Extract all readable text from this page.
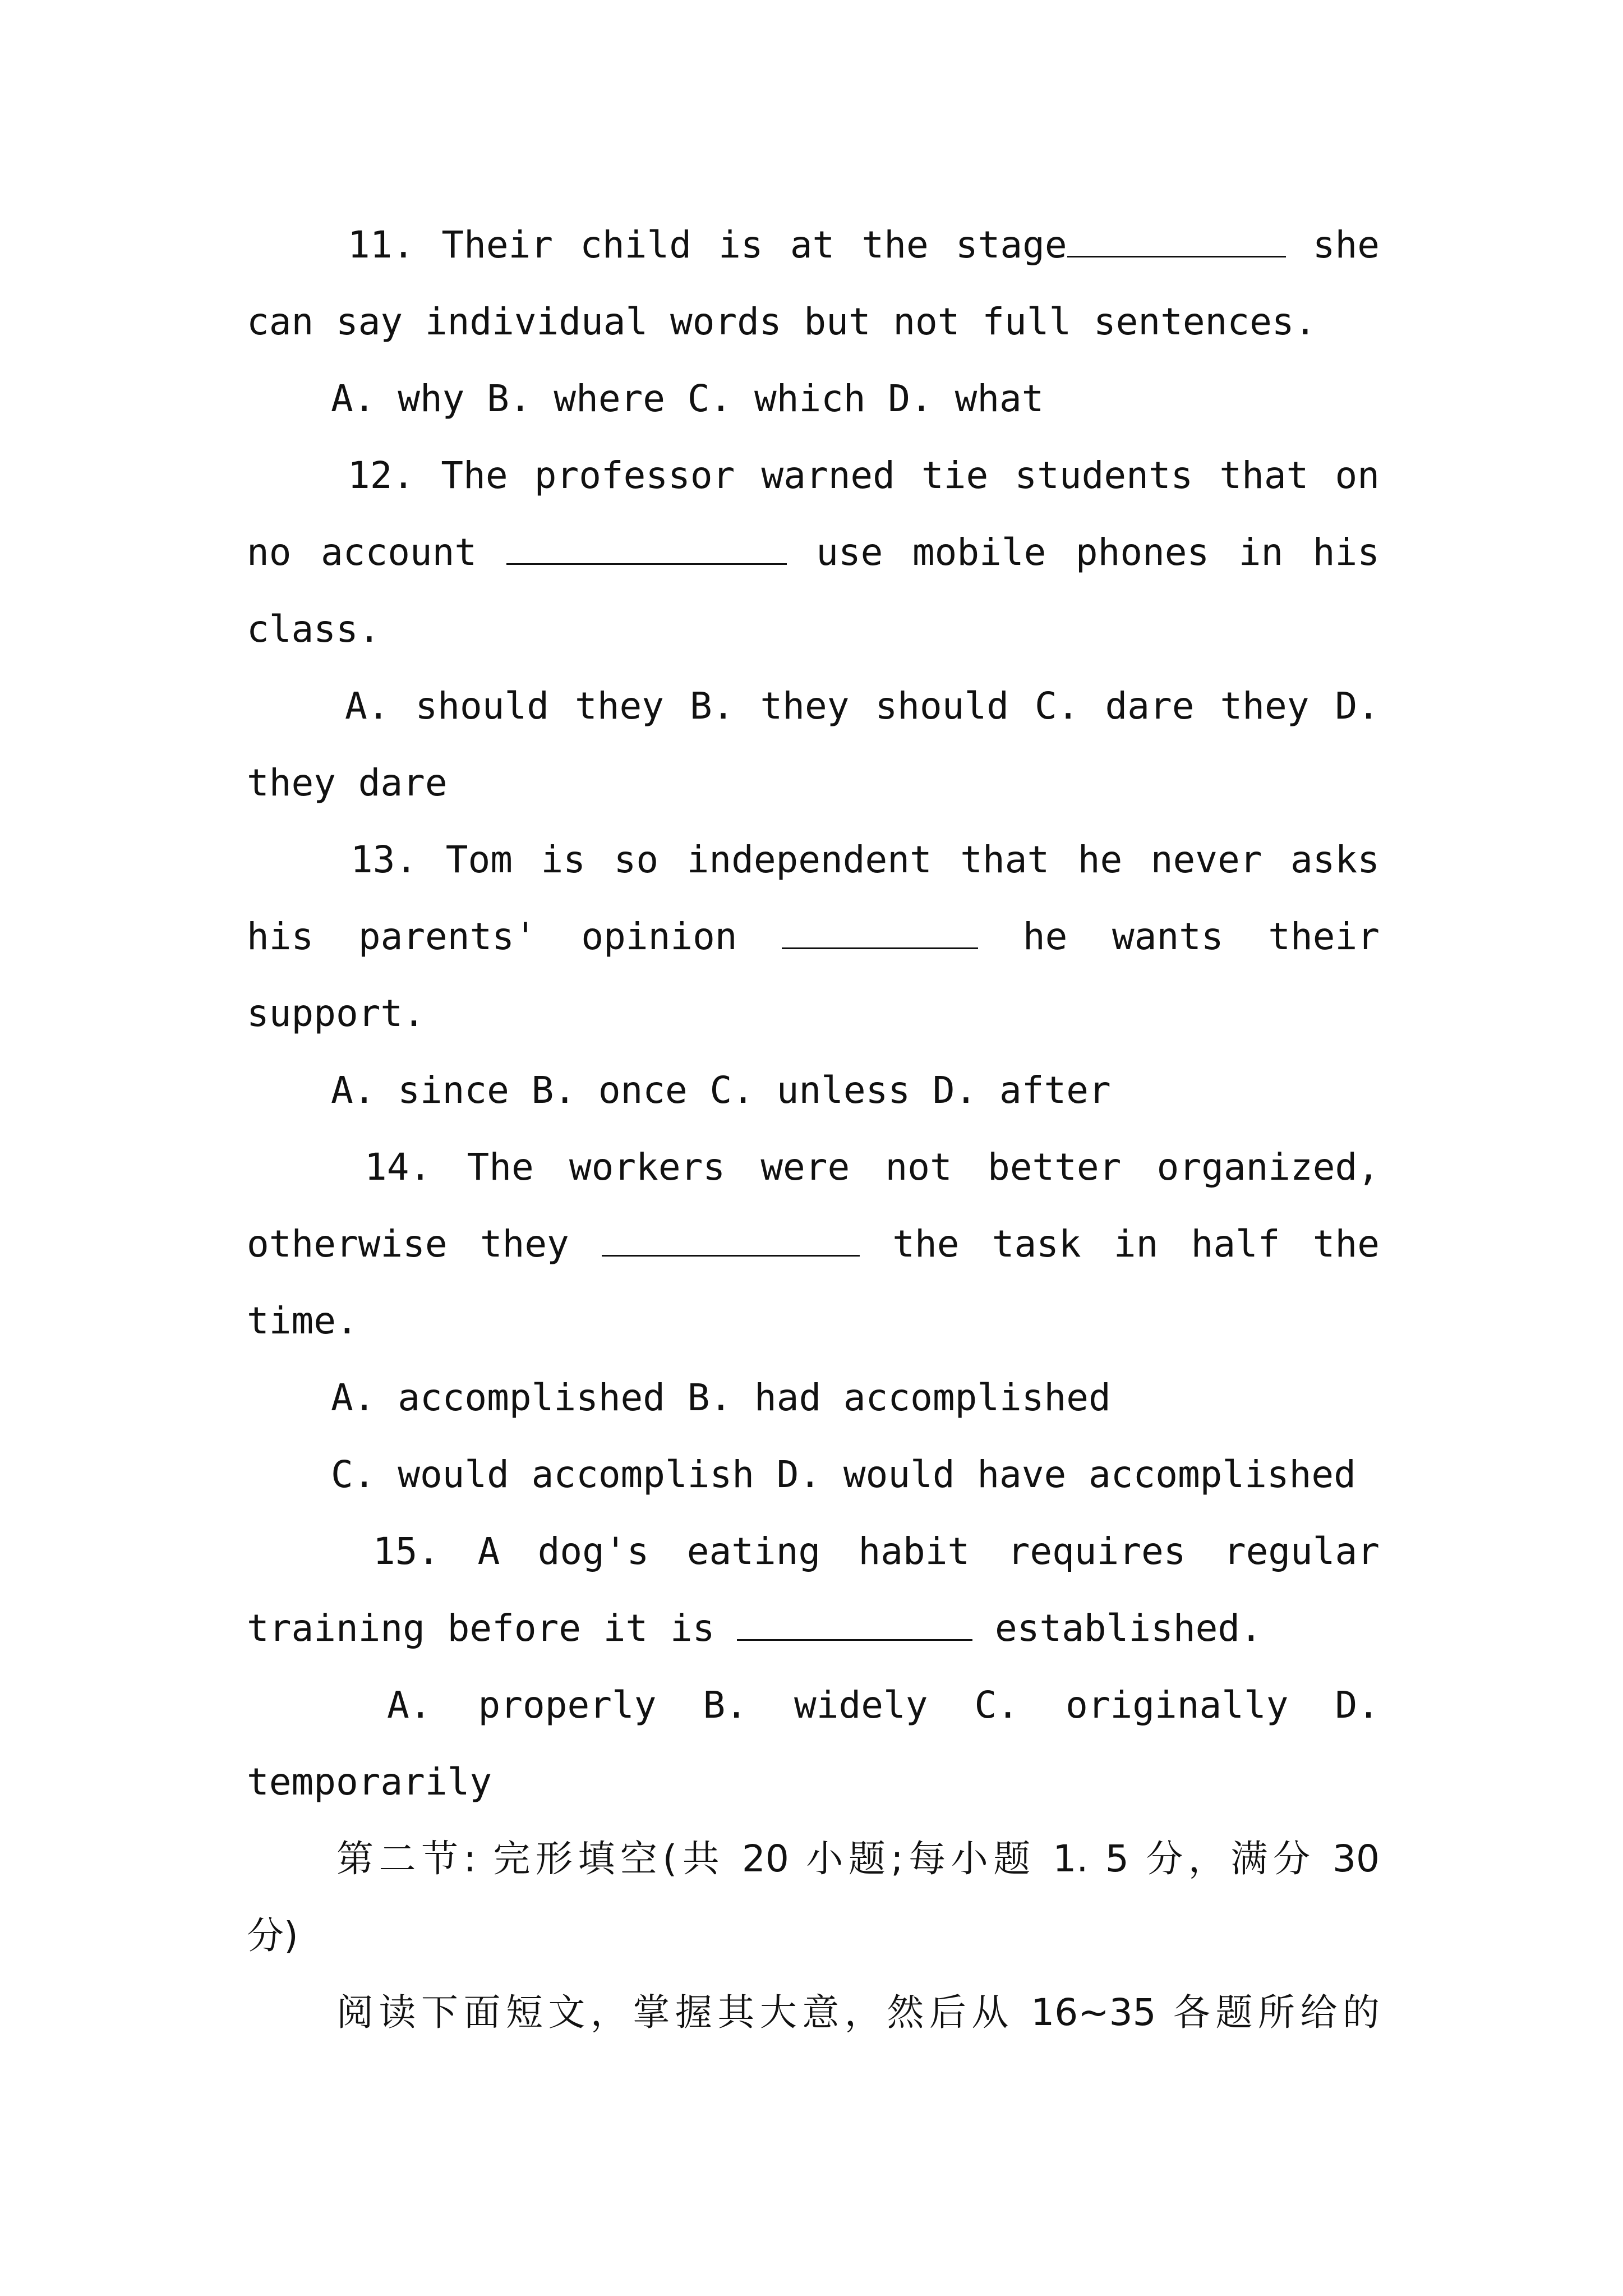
11. Their child is at the stage	she
can say individual words but not full sentences.
A. why B. where C. which D. what
12. The professor warned tie students that on
no account	use mobile phones in his
class.
A. should they B. they should C. dare they D.
they dare
13. Tom is so independent that he never asks
his parents' opinion	he wants their
support.
A. since B. once C. unless D. after
14. The workers were not better organized,
otherwise they	the task in half the
time.
A. accomplished B. had accomplished
C. would accomplish D. would have accomplished
15. A dog's eating habit requires regular
training before it is	established.
A. properly B. widely C. originally D.
temporarily
第二节: 完形填空(共 20 小题;每小题 1. 5 分，满分 30
分)
阅读下面短文，掌握其大意，然后从 16~35 各题所给的
